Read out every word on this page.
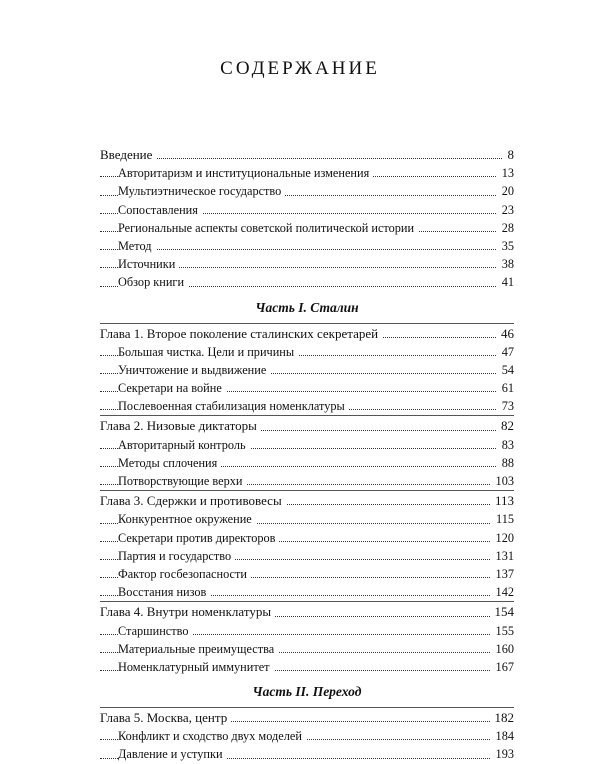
СОДЕРЖАНИЕ
Введение	8
Авторитаризм и институциональные изменения	13
Мультиэтническое государство	20
Сопоставления	23
Региональные аспекты советской политической истории	28
Метод	35
Источники	38
Обзор книги	41
Часть I. Сталин
Глава 1. Второе поколение сталинских секретарей	46
Большая чистка. Цели и причины	47
Уничтожение и выдвижение	54
Секретари на войне	61
Послевоенная стабилизация номенклатуры	73
Глава 2. Низовые диктаторы	82
Авторитарный контроль	83
Методы сплочения	88
Потворствующие верхи	103
Глава 3. Сдержки и противовесы	113
Конкурентное окружение	115
Секретари против директоров	120
Партия и государство	131
Фактор госбезопасности	137
Восстания низов	142
Глава 4. Внутри номенклатуры	154
Старшинство	155
Материальные преимущества	160
Номенклатурный иммунитет	167
Часть II. Переход
Глава 5. Москва, центр	182
Конфликт и сходство двух моделей	184
Давление и уступки	193
